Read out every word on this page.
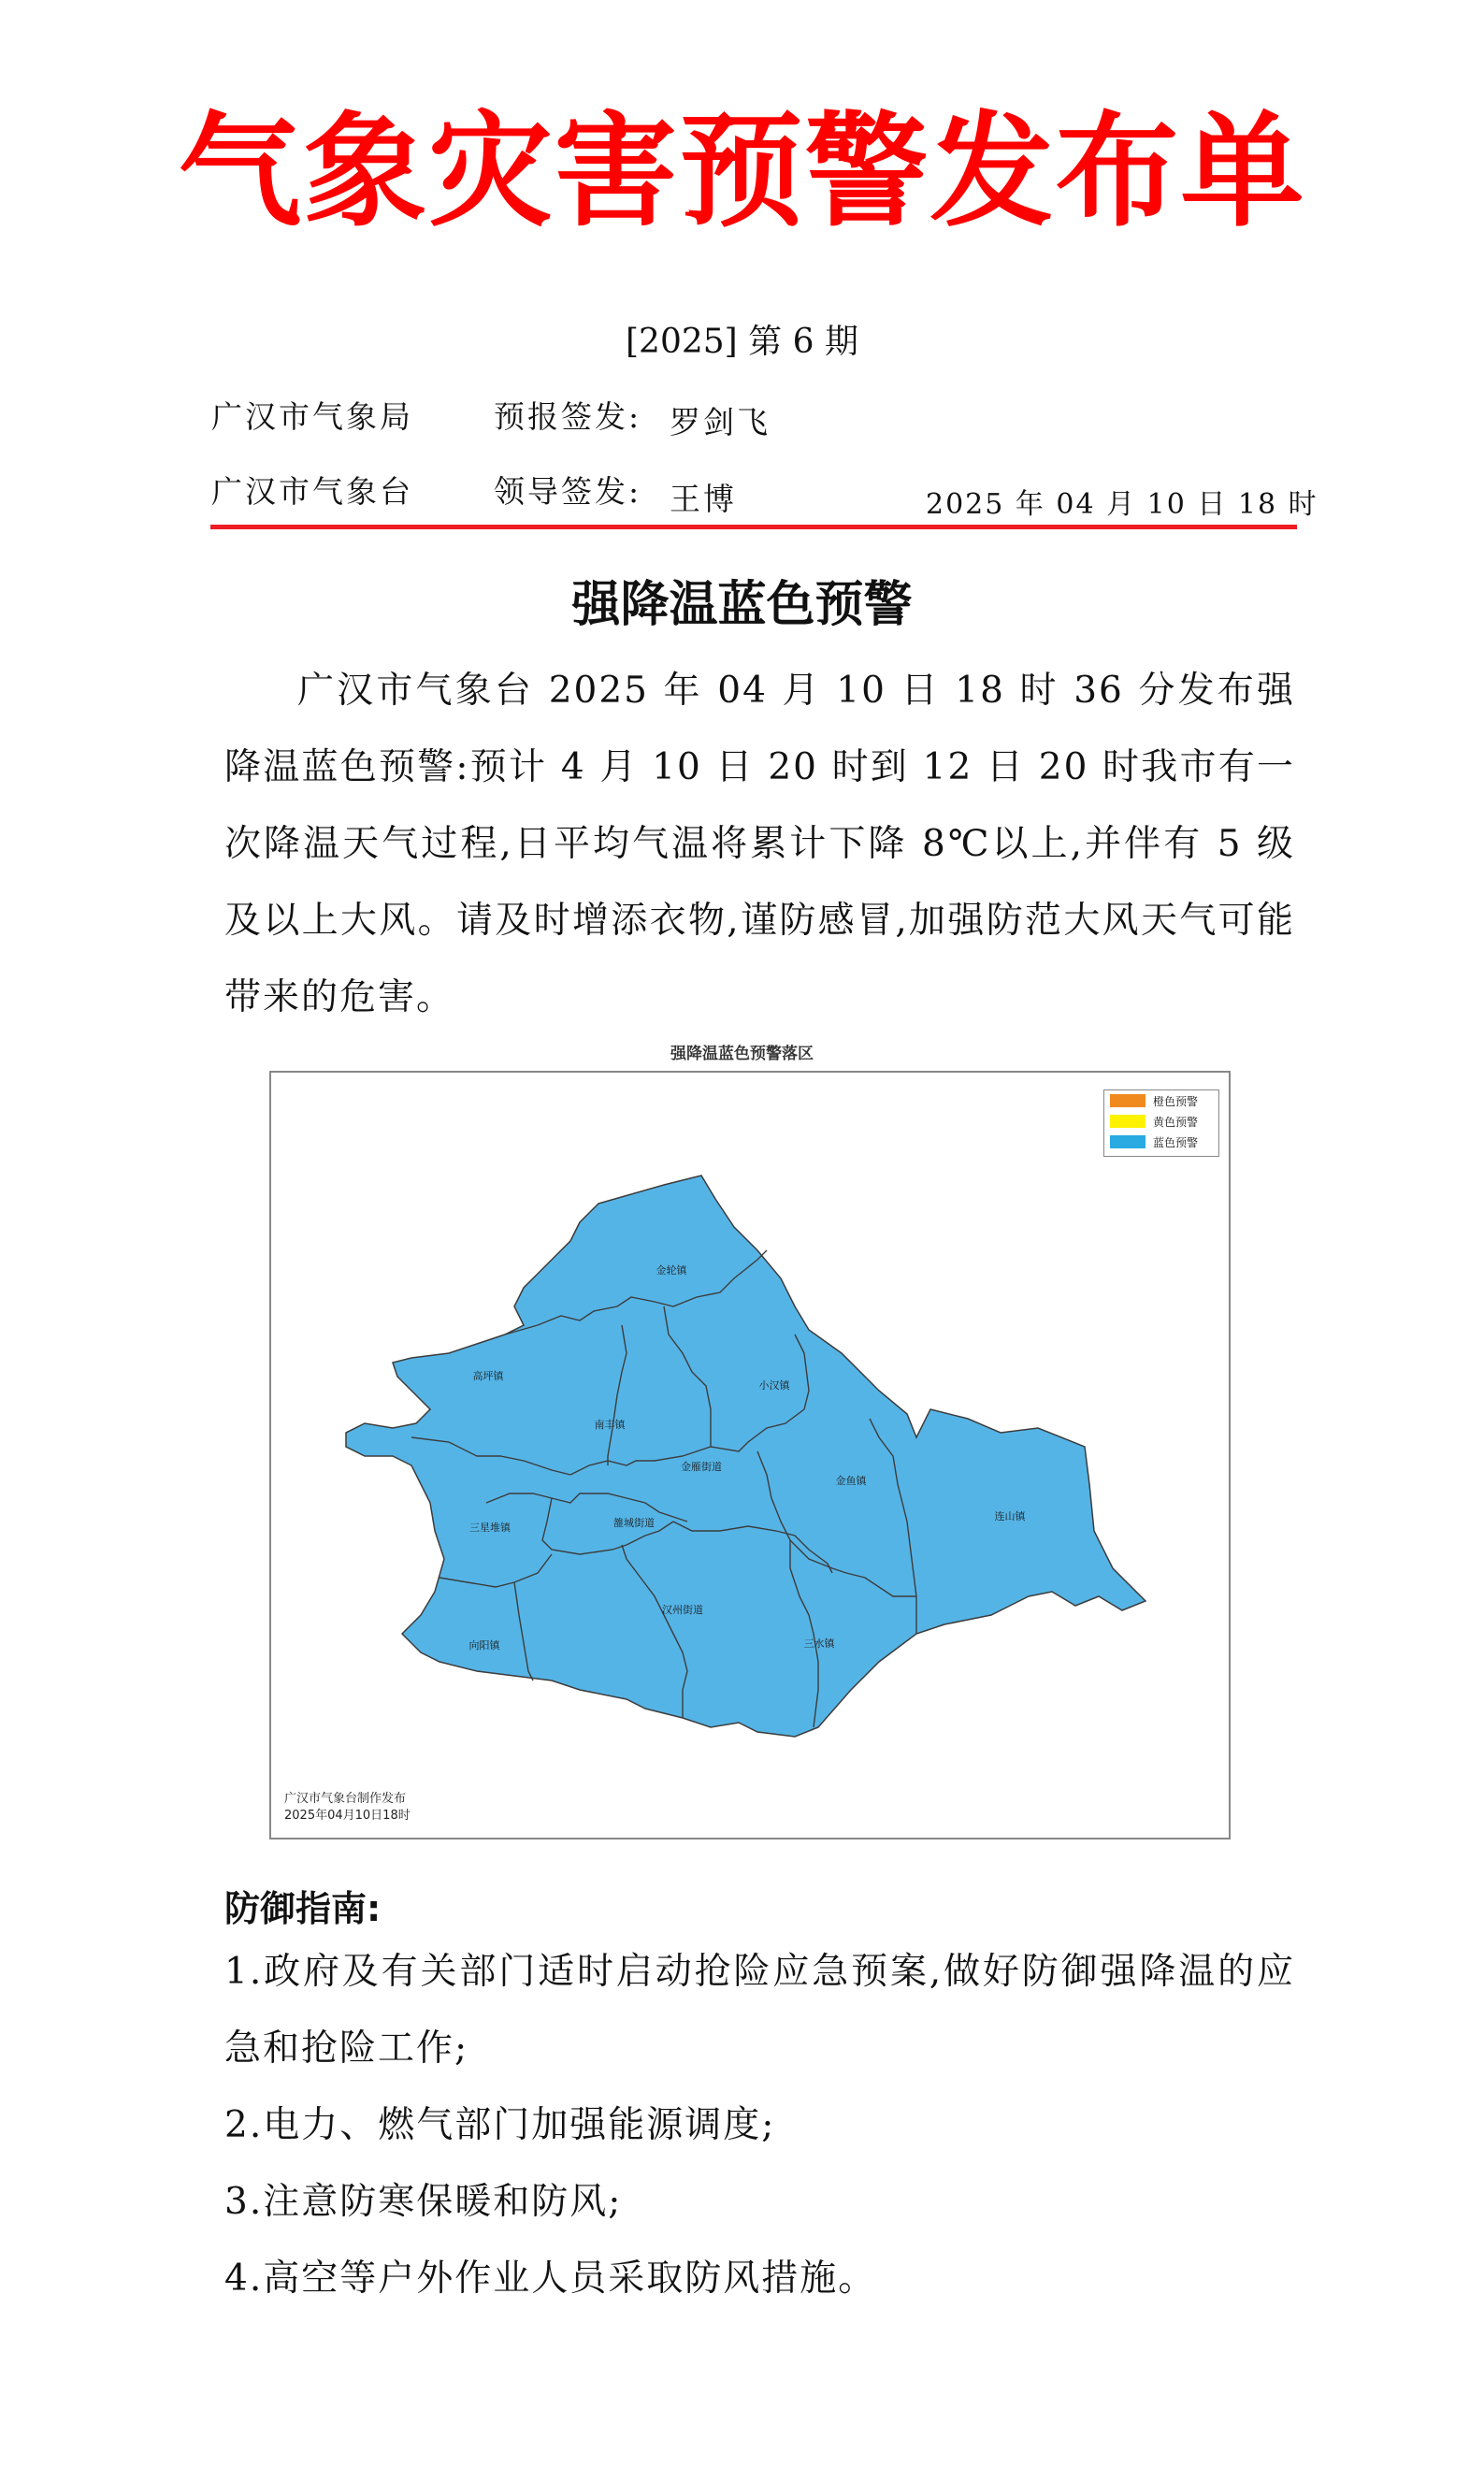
气象灾害预警发布单
[2025] 第 6 期
广汉市气象局	预报签发: 罗剑飞
广汉市气象台	领导签发: 王博	2025 年 04 月 10 日 18 时
强降温蓝色预警
广汉市气象台 2025 年 04 月 10 日 18 时 36 分发布强降温蓝色预警:预计 4 月 10 日 20 时到 12 日 20 时我市有一次降温天气过程,日平均气温将累计下降 8℃以上,并伴有 5 级及以上大风。请及时增添衣物,谨防感冒,加强防范大风天气可能带来的危害。
强降温蓝色预警落区
金轮镇
高坪镇
小汉镇
南丰镇
金雁街道
金鱼镇
连山镇
三星堆镇	雒城街道
汉州街道
向阳镇	三水镇
橙色预警
黄色预警
蓝色预警
广汉市气象台制作发布
2025年04月10日18时
防御指南:
1.政府及有关部门适时启动抢险应急预案,做好防御强降温的应急和抢险工作;
2.电力、燃气部门加强能源调度;
3.注意防寒保暖和防风;
4.高空等户外作业人员采取防风措施。
